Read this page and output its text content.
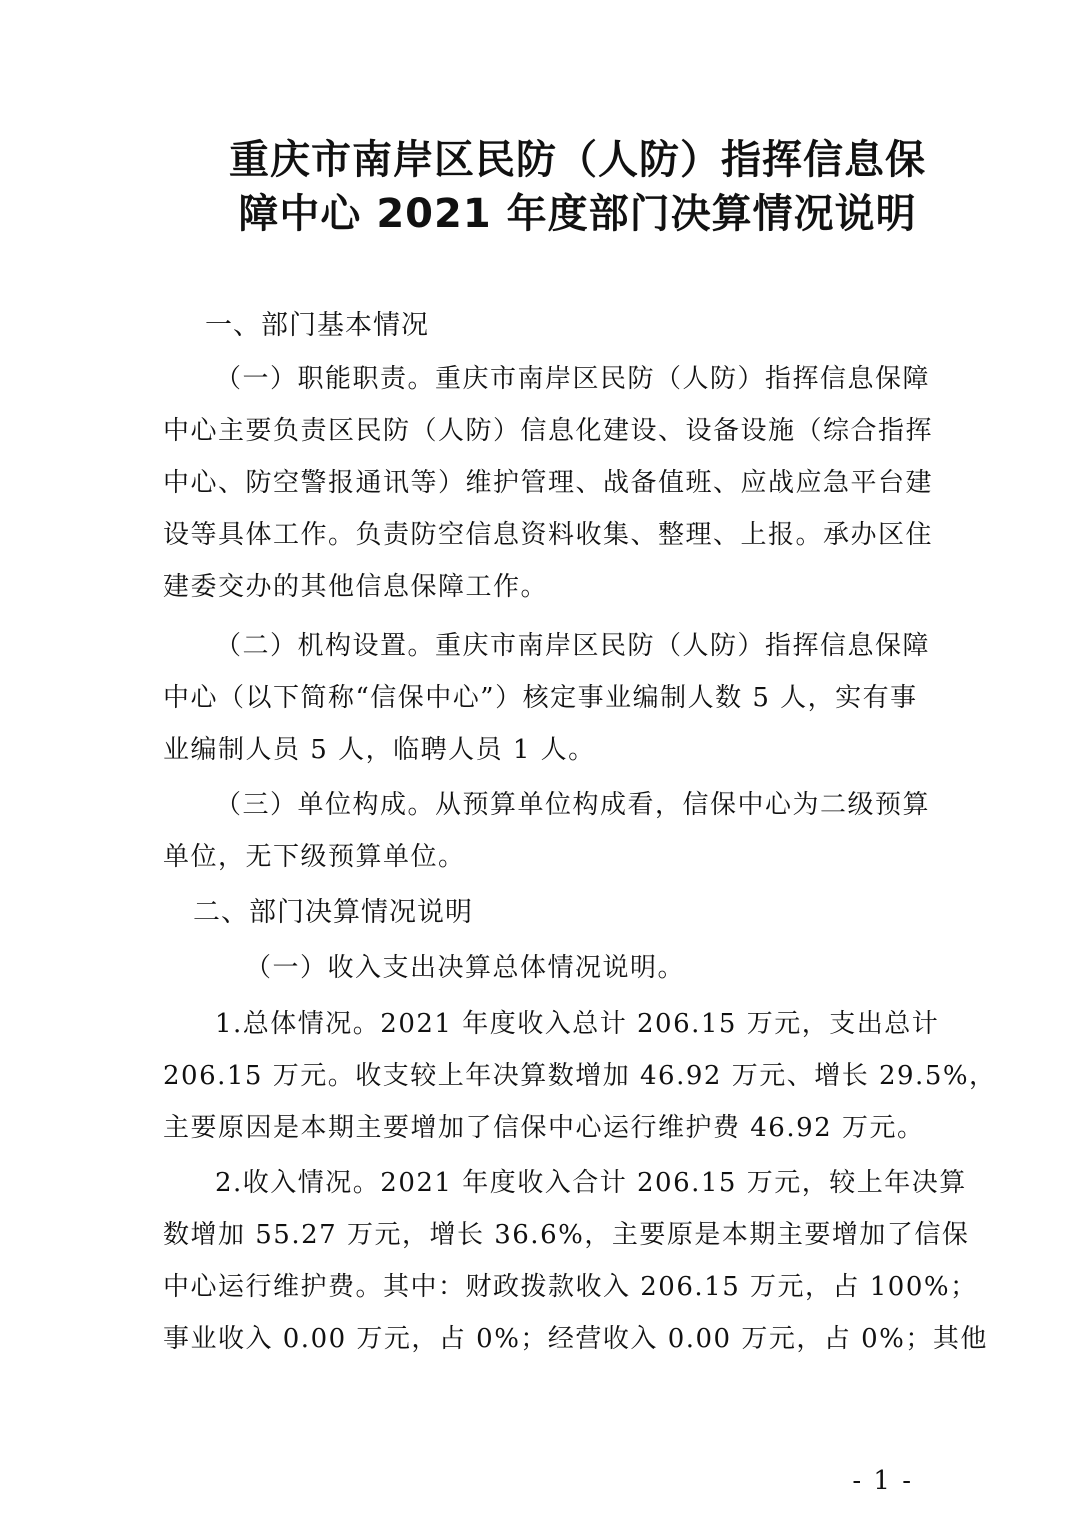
重庆市南岸区民防（人防）指挥信息保
障中心 2021 年度部门决算情况说明
一、部门基本情况
（一）职能职责。重庆市南岸区民防（人防）指挥信息保障
中心主要负责区民防（人防）信息化建设、设备设施（综合指挥
中心、防空警报通讯等）维护管理、战备值班、应战应急平台建
设等具体工作。负责防空信息资料收集、整理、上报。承办区住
建委交办的其他信息保障工作。
（二）机构设置。重庆市南岸区民防（人防）指挥信息保障
中心（以下简称“信保中心”）核定事业编制人数 5 人，实有事
业编制人员 5 人，临聘人员 1 人。
（三）单位构成。从预算单位构成看，信保中心为二级预算
单位，无下级预算单位。
二、部门决算情况说明
（一）收入支出决算总体情况说明。
1.总体情况。2021 年度收入总计 206.15 万元，支出总计
206.15 万元。收支较上年决算数增加 46.92 万元、增长 29.5%，
主要原因是本期主要增加了信保中心运行维护费 46.92 万元。
2.收入情况。2021 年度收入合计 206.15 万元，较上年决算
数增加 55.27 万元，增长 36.6%，主要原是本期主要增加了信保
中心运行维护费。其中：财政拨款收入 206.15 万元，占 100%；
事业收入 0.00 万元，占 0%；经营收入 0.00 万元，占 0%；其他
- 1 -
